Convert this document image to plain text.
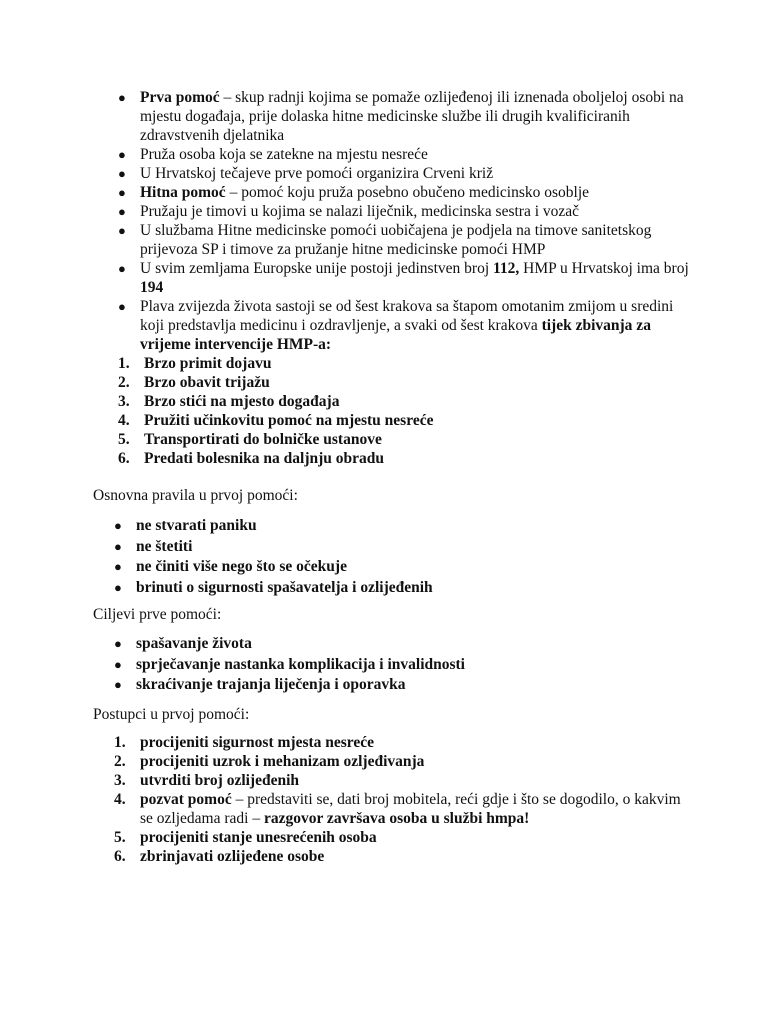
● Prva pomoć – skup radnji kojima se pomaže ozlijeđenoj ili iznenada oboljeloj osobi na mjestu događaja, prije dolaska hitne medicinske službe ili drugih kvalificiranih zdravstvenih djelatnika

● Pruža osoba koja se zatekne na mjestu nesreće

● U Hrvatskoj tečajeve prve pomoći organizira Crveni križ

● Hitna pomoć – pomoć koju pruža posebno obučeno medicinsko osoblje

● Pružaju je timovi u kojima se nalazi liječnik, medicinska sestra i vozač

● U službama Hitne medicinske pomoći uobičajena je podjela na timove sanitetskog prijevoza SP i timove za pružanje hitne medicinske pomoći HMP

● U svim zemljama Europske unije postoji jedinstven broj 112, HMP u Hrvatskoj ima broj 194

● Plava zvijezda života sastoji se od šest krakova sa štapom omotanim zmijom u sredini koji predstavlja medicinu i ozdravljenje, a svaki od šest krakova tijek zbivanja za vrijeme intervencije HMP-a:

1. Brzo primit dojavu

2. Brzo obavit trijažu

3. Brzo stići na mjesto događaja

4. Pružiti učinkovitu pomoć na mjestu nesreće

5. Transportirati do bolničke ustanove

6. Predati bolesnika na daljnju obradu

Osnovna pravila u prvoj pomoći:

● ne stvarati paniku

● ne štetiti

● ne činiti više nego što se očekuje

● brinuti o sigurnosti spašavatelja i ozlijeđenih

Ciljevi prve pomoći:

● spašavanje života

● sprječavanje nastanka komplikacija i invalidnosti

● skraćivanje trajanja liječenja i oporavka

Postupci u prvoj pomoći:

1. procijeniti sigurnost mjesta nesreće

2. procijeniti uzrok i mehanizam ozljeđivanja

3. utvrditi broj ozlijeđenih

4. pozvat pomoć – predstaviti se, dati broj mobitela, reći gdje i što se dogodilo, o kakvim se ozljedama radi – razgovor završava osoba u službi hmpa!

5. procijeniti stanje unesrećenih osoba

6. zbrinjavati ozlijeđene osobe
